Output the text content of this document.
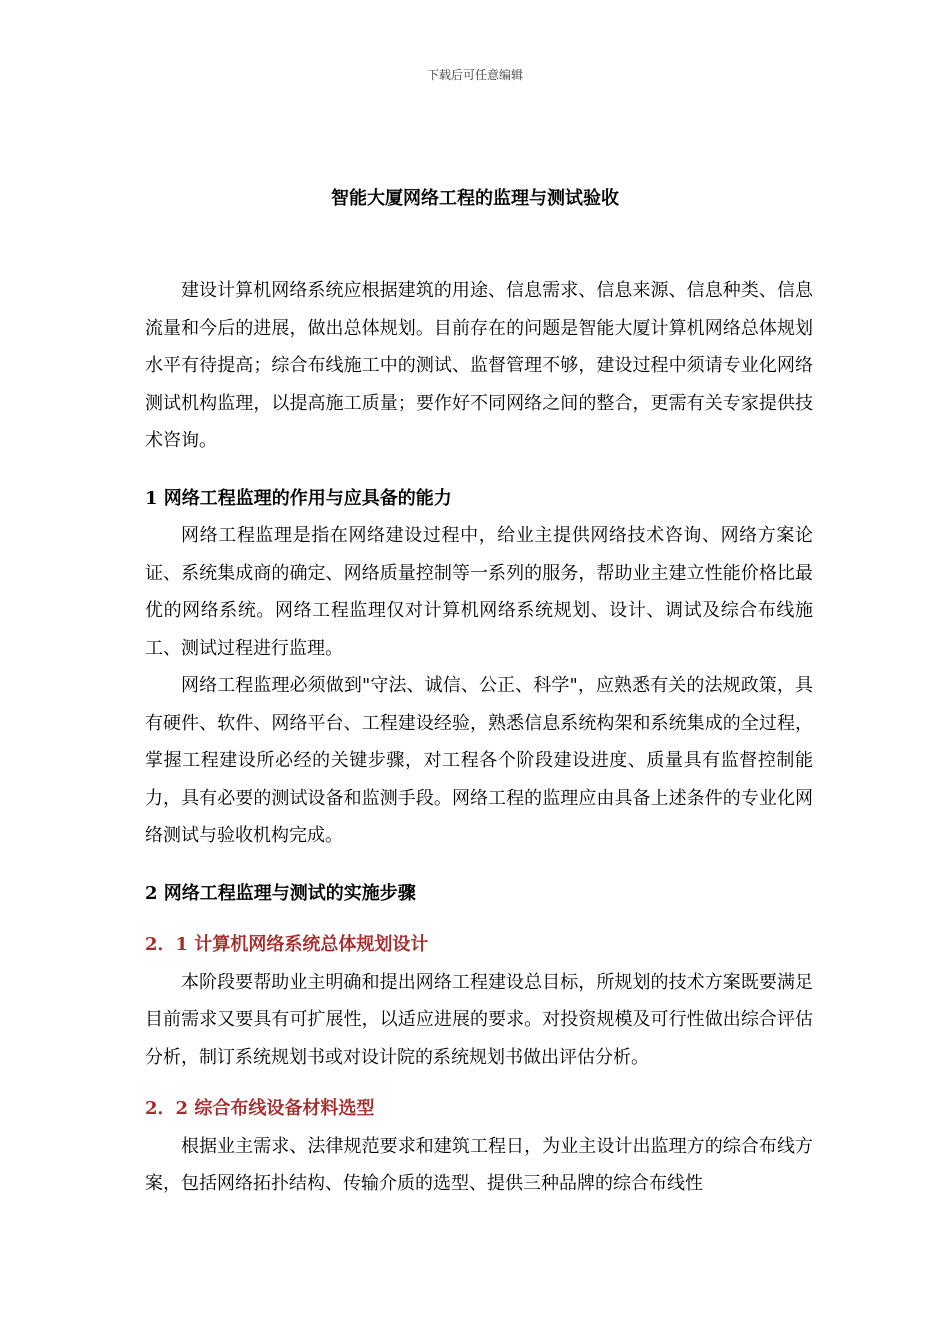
下载后可任意编辑
智能大厦网络工程的监理与测试验收

建设计算机网络系统应根据建筑的用途、信息需求、信息来源、信息种类、信息流量和今后的进展，做出总体规划。目前存在的问题是智能大厦计算机网络总体规划水平有待提高；综合布线施工中的测试、监督管理不够，建设过程中须请专业化网络测试机构监理，以提高施工质量；要作好不同网络之间的整合，更需有关专家提供技术咨询。

1 网络工程监理的作用与应具备的能力

网络工程监理是指在网络建设过程中，给业主提供网络技术咨询、网络方案论证、系统集成商的确定、网络质量控制等一系列的服务，帮助业主建立性能价格比最优的网络系统。网络工程监理仅对计算机网络系统规划、设计、调试及综合布线施工、测试过程进行监理。

网络工程监理必须做到"守法、诚信、公正、科学"，应熟悉有关的法规政策，具有硬件、软件、网络平台、工程建设经验，熟悉信息系统构架和系统集成的全过程，掌握工程建设所必经的关键步骤，对工程各个阶段建设进度、质量具有监督控制能力，具有必要的测试设备和监测手段。网络工程的监理应由具备上述条件的专业化网络测试与验收机构完成。

2 网络工程监理与测试的实施步骤
2．1 计算机网络系统总体规划设计

本阶段要帮助业主明确和提出网络工程建设总目标，所规划的技术方案既要满足目前需求又要具有可扩展性，以适应进展的要求。对投资规模及可行性做出综合评估分析，制订系统规划书或对设计院的系统规划书做出评估分析。

2．2 综合布线设备材料选型

根据业主需求、法律规范要求和建筑工程日，为业主设计出监理方的综合布线方案，包括网络拓扑结构、传输介质的选型、提供三种品牌的综合布线性
